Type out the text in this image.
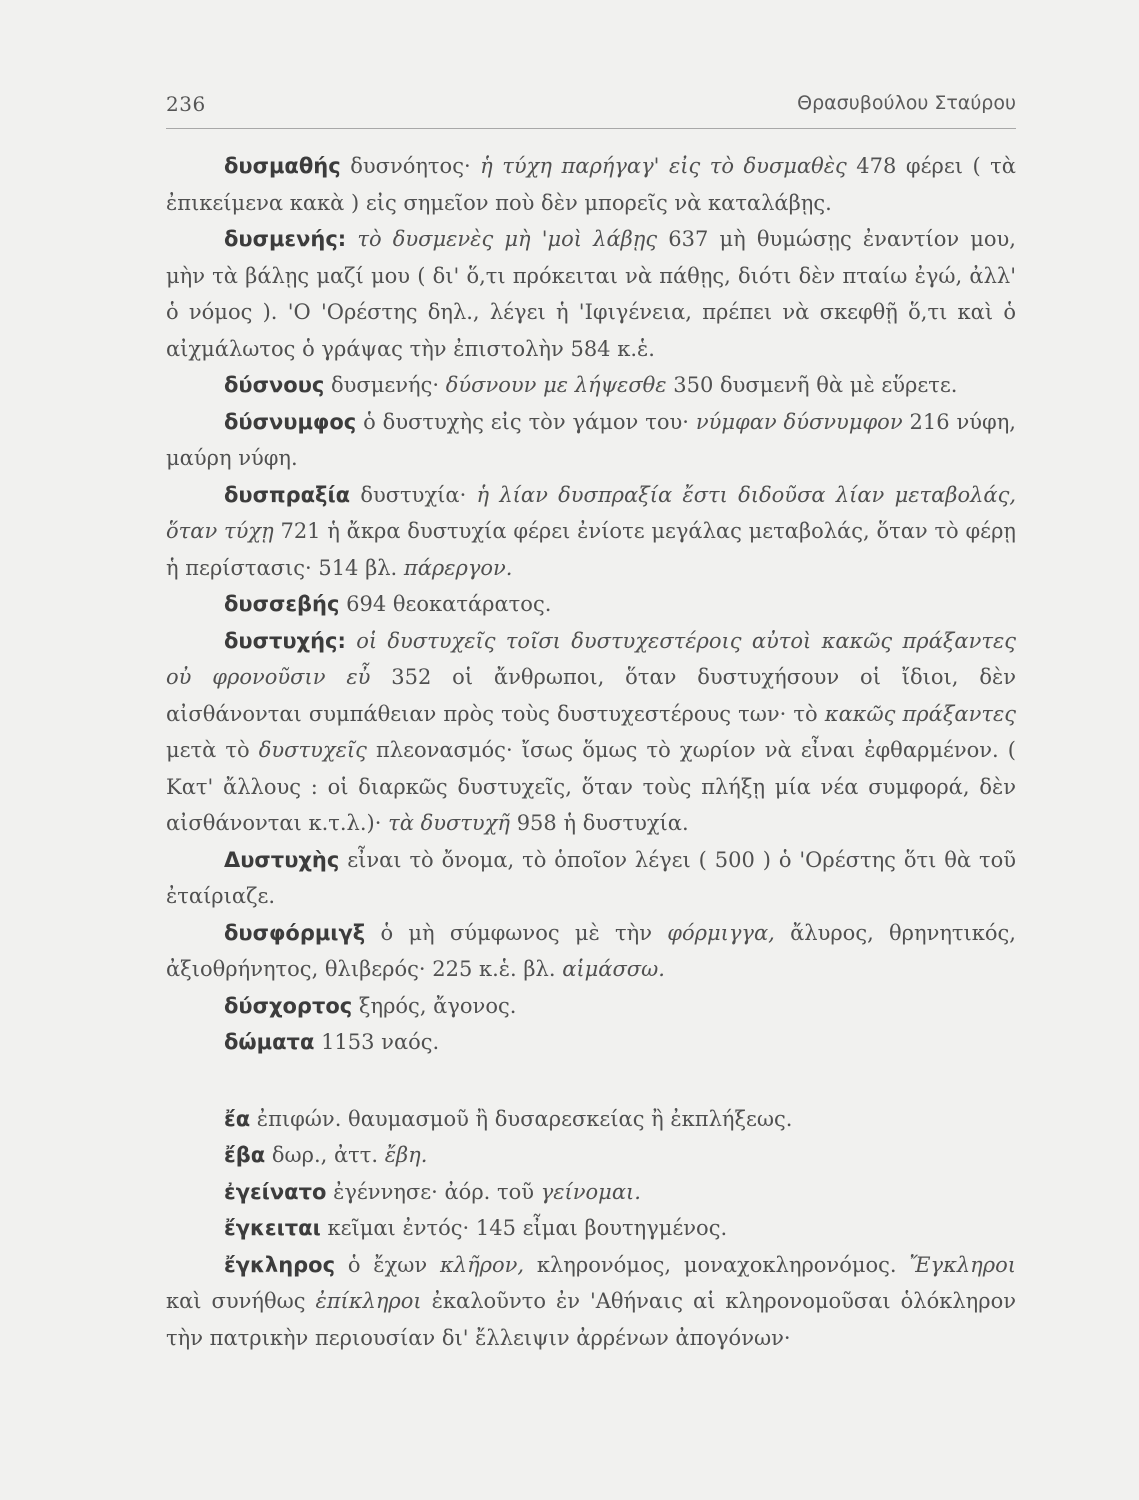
236	Θρασυβούλου Σταύρου

δυσμαθής δυσνόητος· ἡ τύχη παρήγαγ' εἰς τὸ δυσμαθὲς 478 φέρει ( τὰ ἐπικείμενα κακὰ ) εἰς σημεῖον ποὺ δὲν μπορεῖς νὰ καταλάβῃς.

δυσμενής: τὸ δυσμενὲς μὴ 'μοὶ λάβῃς 637 μὴ θυμώσῃς ἐναντίον μου, μὴν τὰ βάλῃς μαζί μου ( δι' ὅ,τι πρόκειται νὰ πάθῃς, διότι δὲν πταίω ἐγώ, ἀλλ' ὁ νόμος ). 'Ο 'Ορέστης δηλ., λέγει ἡ 'Ιφιγένεια, πρέπει νὰ σκεφθῇ ὅ,τι καὶ ὁ αἰχμάλωτος ὁ γράψας τὴν ἐπιστολὴν 584 κ.ἑ.

δύσνους δυσμενής· δύσνουν με λήψεσθε 350 δυσμενῆ θὰ μὲ εὕρετε.

δύσνυμφος ὁ δυστυχὴς εἰς τὸν γάμον του· νύμφαν δύσνυμφον 216 νύφη, μαύρη νύφη.

δυσπραξία δυστυχία· ἡ λίαν δυσπραξία ἔστι διδοῦσα λίαν μεταβολάς, ὅταν τύχῃ 721 ἡ ἄκρα δυστυχία φέρει ἐνίοτε μεγάλας μεταβολάς, ὅταν τὸ φέρῃ ἡ περίστασις· 514 βλ. πάρεργον.

δυσσεβής 694 θεοκατάρατος.

δυστυχής: οἱ δυστυχεῖς τοῖσι δυστυχεστέροις αὐτοὶ κακῶς πράξαντες οὐ φρονοῦσιν εὖ 352 οἱ ἄνθρωποι, ὅταν δυστυχήσουν οἱ ἴδιοι, δὲν αἰσθάνονται συμπάθειαν πρὸς τοὺς δυστυχεστέρους των· τὸ κακῶς πράξαντες μετὰ τὸ δυστυχεῖς πλεονασμός· ἴσως ὅμως τὸ χωρίον νὰ εἶναι ἐφθαρμένον. ( Κατ' ἄλλους : οἱ διαρκῶς δυστυχεῖς, ὅταν τοὺς πλήξῃ μία νέα συμφορά, δὲν αἰσθάνονται κ.τ.λ.)· τὰ δυστυχῆ 958 ἡ δυστυχία.

Δυστυχὴς εἶναι τὸ ὄνομα, τὸ ὁποῖον λέγει ( 500 ) ὁ 'Ορέστης ὅτι θὰ τοῦ ἐταίριαζε.

δυσφόρμιγξ ὁ μὴ σύμφωνος μὲ τὴν φόρμιγγα, ἄλυρος, θρηνητικός, ἀξιοθρήνητος, θλιβερός· 225 κ.ἑ. βλ. αἱμάσσω.

δύσχορτος ξηρός, ἄγονος.

δώματα 1153 ναός.

ἔα ἐπιφών. θαυμασμοῦ ἢ δυσαρεσκείας ἢ ἐκπλήξεως.

ἔβα δωρ., ἀττ. ἔβη.

ἐγείνατο ἐγέννησε· ἀόρ. τοῦ γείνομαι.

ἔγκειται κεῖμαι ἐντός· 145 εἶμαι βουτηγμένος.

ἔγκληρος ὁ ἔχων κλῆρον, κληρονόμος, μοναχοκληρονόμος. Ἔγκληροι καὶ συνήθως ἐπίκληροι ἐκαλοῦντο ἐν 'Αθήναις αἱ κληρονομοῦσαι ὁλόκληρον τὴν πατρικὴν περιουσίαν δι' ἔλλειψιν ἀρρένων ἀπογόνων·
